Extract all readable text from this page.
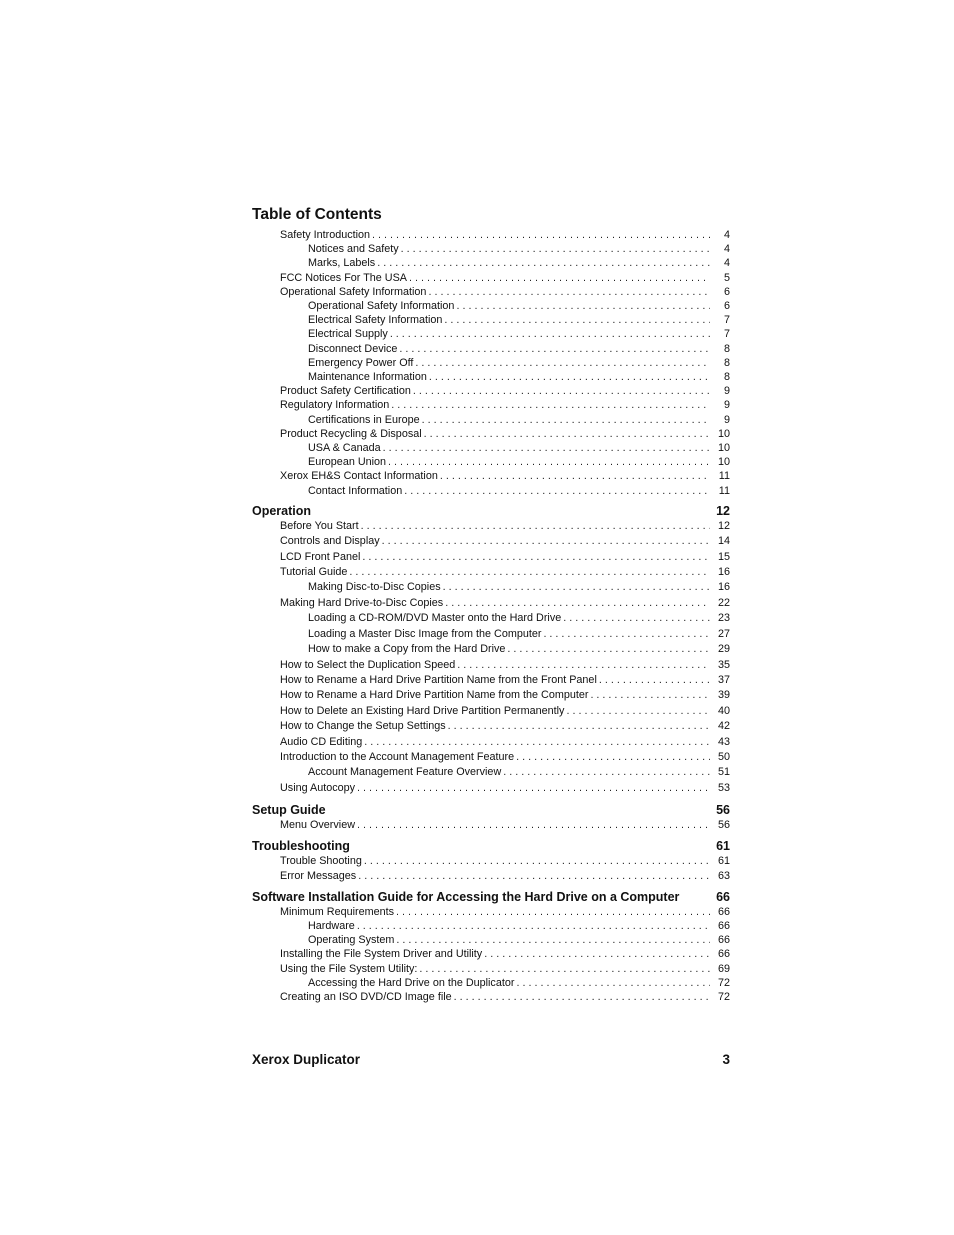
Table of Contents
Safety Introduction . . .	4
Notices and Safety . . .	4
Marks, Labels . . .	4
FCC Notices For The USA . . .	5
Operational Safety Information . . .	6
Operational Safety Information . . .	6
Electrical Safety Information . . .	7
Electrical Supply . . .	7
Disconnect Device . . .	8
Emergency Power Off . . .	8
Maintenance Information . . .	8
Product Safety Certification . . .	9
Regulatory Information . . .	9
Certifications in Europe . . .	9
Product Recycling & Disposal . . .	10
USA & Canada . . .	10
European Union . . .	10
Xerox EH&S Contact Information . . .	11
Contact Information . . .	11
Operation	12
Before You Start . . .	12
Controls and Display . . .	14
LCD Front Panel . . .	15
Tutorial Guide . . .	16
Making Disc-to-Disc Copies . . .	16
Making Hard Drive-to-Disc Copies . . .	22
Loading a CD-ROM/DVD Master onto the Hard Drive . . .	23
Loading a Master Disc Image from the Computer . . .	27
How to make a Copy from the Hard Drive . . .	29
How to Select the Duplication Speed . . .	35
How to Rename a Hard Drive Partition Name from the Front Panel . . .	37
How to Rename a Hard Drive Partition Name from the Computer . . .	39
How to Delete an Existing Hard Drive Partition Permanently . . .	40
How to Change the Setup Settings . . .	42
Audio CD Editing . . .	43
Introduction to the Account Management Feature . . .	50
Account Management Feature Overview . . .	51
Using Autocopy . . .	53
Setup Guide	56
Menu Overview . . .	56
Troubleshooting	61
Trouble Shooting . . .	61
Error Messages . . .	63
Software Installation Guide for Accessing the Hard Drive on a Computer	66
Minimum Requirements . . .	66
Hardware . . .	66
Operating System . . .	66
Installing the File System Driver and Utility . . .	66
Using the File System Utility: . . .	69
Accessing the Hard Drive on the Duplicator . . .	72
Creating an ISO DVD/CD Image file . . .	72
Xerox Duplicator	3
